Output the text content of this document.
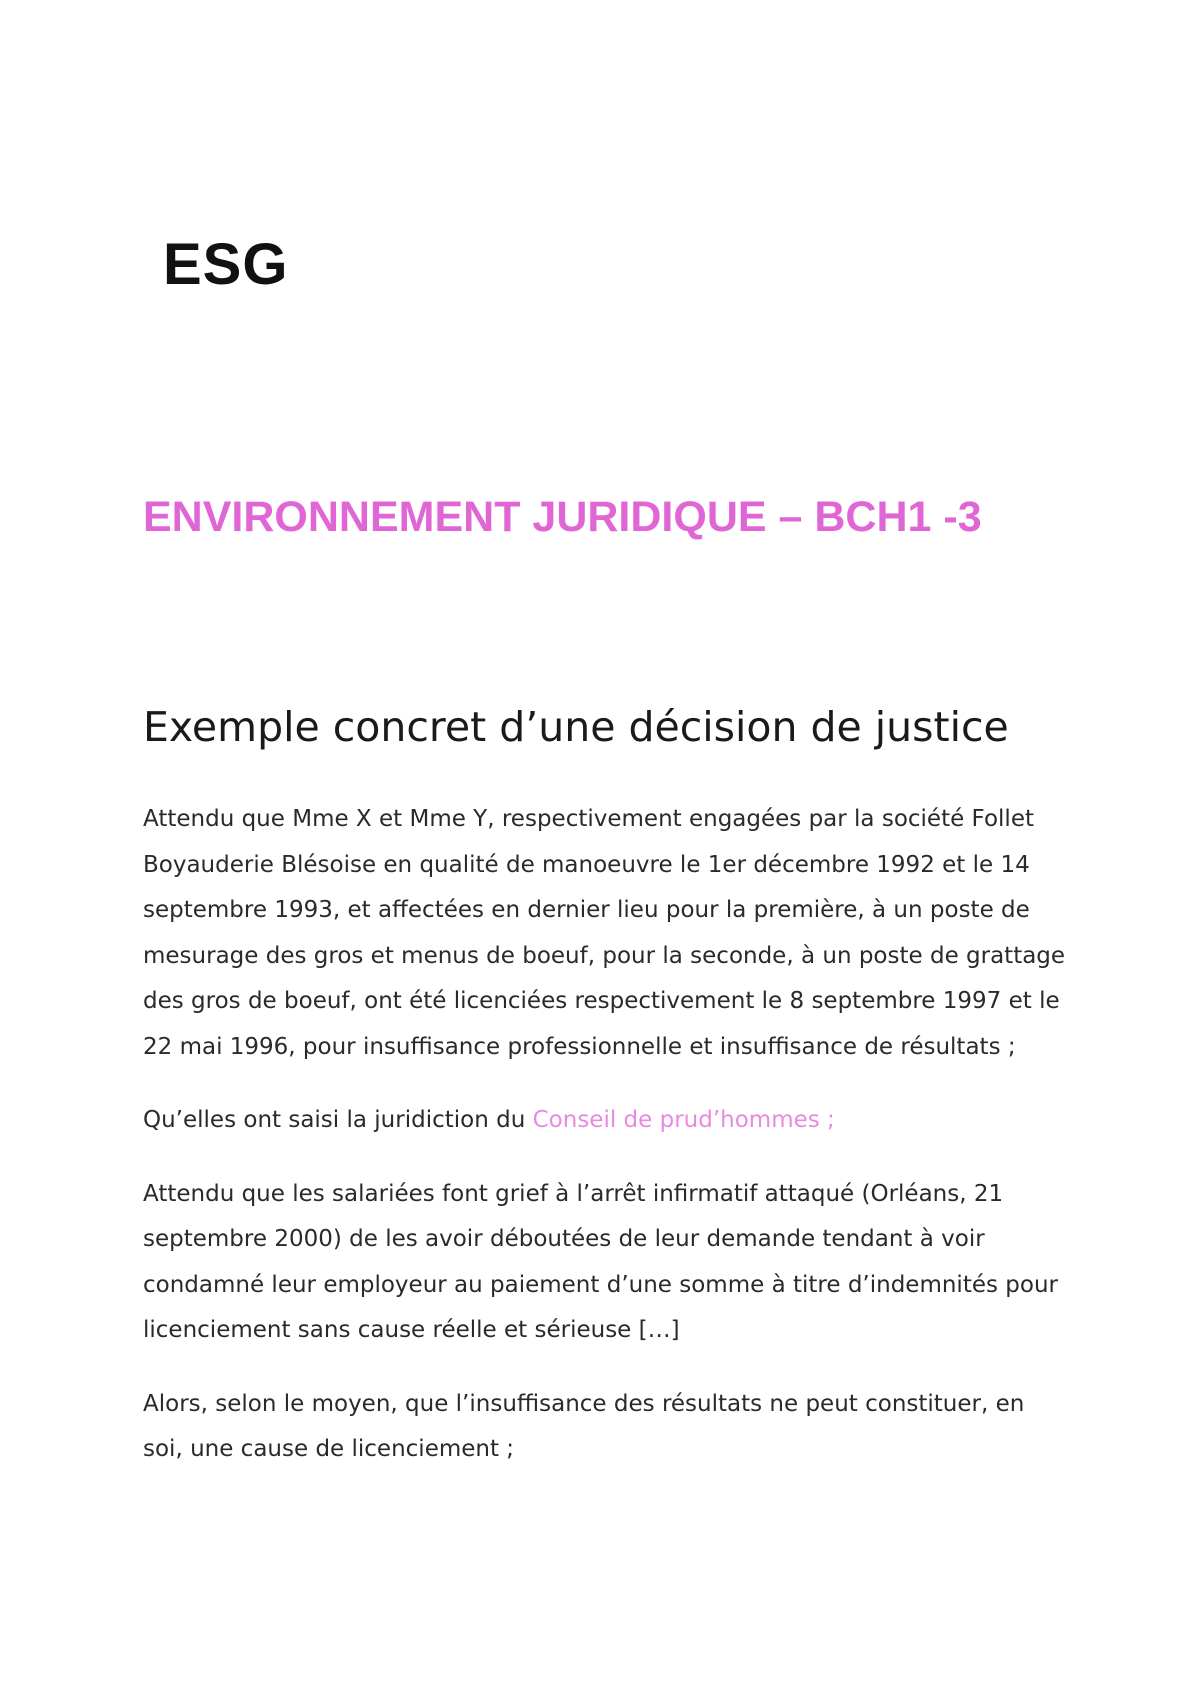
ESG
ENVIRONNEMENT JURIDIQUE – BCH1 -3
Exemple concret d’une décision de justice

Attendu que Mme X et Mme Y, respectivement engagées par la société Follet Boyauderie Blésoise en qualité de manoeuvre le 1er décembre 1992 et le 14 septembre 1993, et affectées en dernier lieu pour la première, à un poste de mesurage des gros et menus de boeuf, pour la seconde, à un poste de grattage des gros de boeuf, ont été licenciées respectivement le 8 septembre 1997 et le 22 mai 1996, pour insuffisance professionnelle et insuffisance de résultats ;

Qu’elles ont saisi la juridiction du Conseil de prud’hommes ;

Attendu que les salariées font grief à l’arrêt infirmatif attaqué (Orléans, 21 septembre 2000) de les avoir déboutées de leur demande tendant à voir condamné leur employeur au paiement d’une somme à titre d’indemnités pour licenciement sans cause réelle et sérieuse […]

Alors, selon le moyen, que l’insuffisance des résultats ne peut constituer, en soi, une cause de licenciement ;
